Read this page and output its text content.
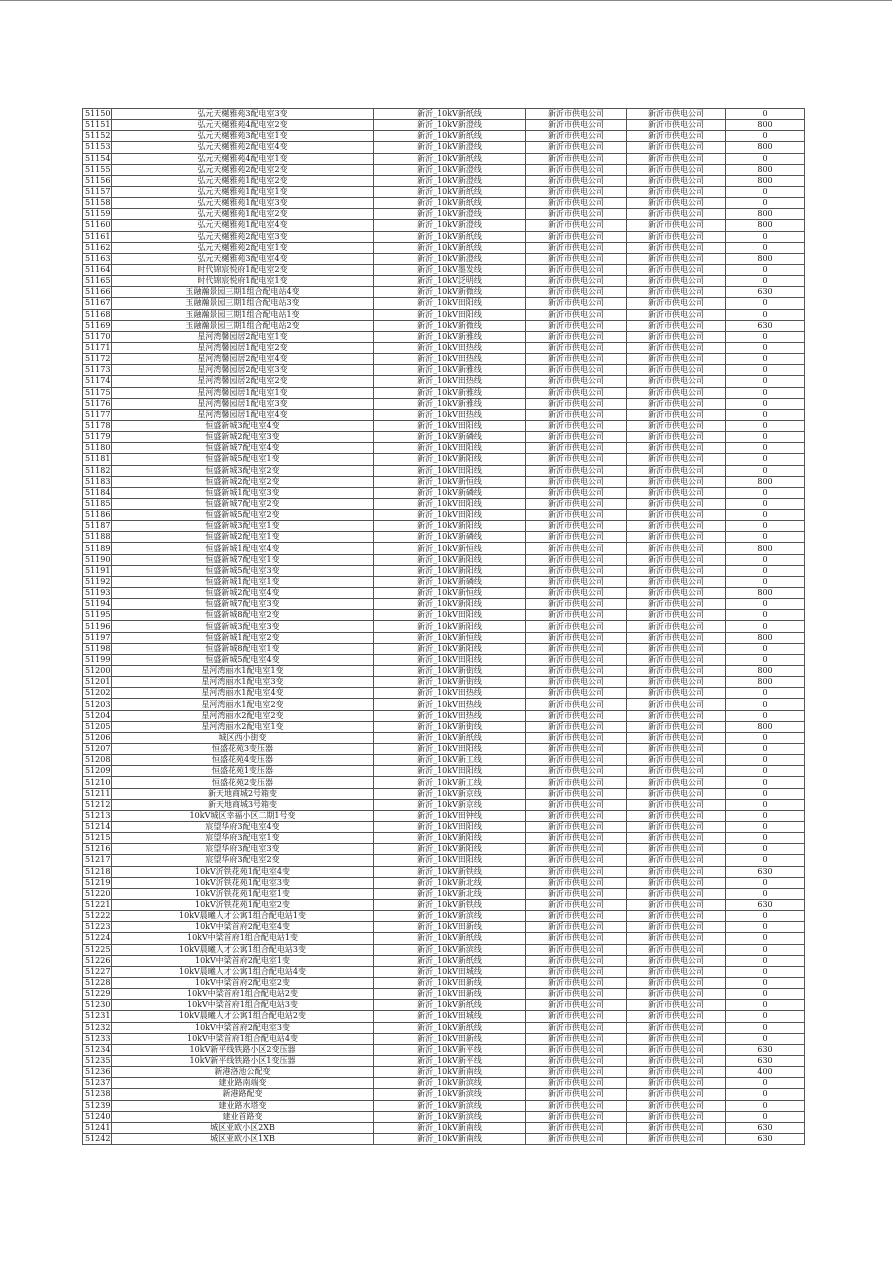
51150	弘元天樾雅苑3配电室3变	新沂_10kV新纸线	新沂市供电公司	新沂市供电公司	0
51151	弘元天樾雅苑4配电室2变	新沂_10kV新澄线	新沂市供电公司	新沂市供电公司	800
51152	弘元天樾雅苑3配电室1变	新沂_10kV新纸线	新沂市供电公司	新沂市供电公司	0
51153	弘元天樾雅苑2配电室4变	新沂_10kV新澄线	新沂市供电公司	新沂市供电公司	800
51154	弘元天樾雅苑4配电室1变	新沂_10kV新纸线	新沂市供电公司	新沂市供电公司	0
51155	弘元天樾雅苑2配电室2变	新沂_10kV新澄线	新沂市供电公司	新沂市供电公司	800
51156	弘元天樾雅苑1配电室2变	新沂_10kV新澄线	新沂市供电公司	新沂市供电公司	800
51157	弘元天樾雅苑1配电室1变	新沂_10kV新纸线	新沂市供电公司	新沂市供电公司	0
51158	弘元天樾雅苑1配电室3变	新沂_10kV新纸线	新沂市供电公司	新沂市供电公司	0
51159	弘元天樾雅苑1配电室2变	新沂_10kV新澄线	新沂市供电公司	新沂市供电公司	800
51160	弘元天樾雅苑1配电室4变	新沂_10kV新澄线	新沂市供电公司	新沂市供电公司	800
51161	弘元天樾雅苑2配电室3变	新沂_10kV新纸线	新沂市供电公司	新沂市供电公司	0
51162	弘元天樾雅苑2配电室1变	新沂_10kV新纸线	新沂市供电公司	新沂市供电公司	0
51163	弘元天樾雅苑3配电室4变	新沂_10kV新澄线	新沂市供电公司	新沂市供电公司	800
51164	时代锦宸悦府1配电室2变	新沂_10kV墨发线	新沂市供电公司	新沂市供电公司	0
51165	时代锦宸悦府1配电室1变	新沂_10kV泛明线	新沂市供电公司	新沂市供电公司	0
51166	玉融瀚景园三期1组合配电站4变	新沂_10kV新微线	新沂市供电公司	新沂市供电公司	630
51167	玉融瀚景园三期1组合配电站3变	新沂_10kV田阳线	新沂市供电公司	新沂市供电公司	0
51168	玉融瀚景园三期1组合配电站1变	新沂_10kV田阳线	新沂市供电公司	新沂市供电公司	0
51169	玉融瀚景园三期1组合配电站2变	新沂_10kV新微线	新沂市供电公司	新沂市供电公司	630
51170	星河湾馨园居2配电室1变	新沂_10kV新雅线	新沂市供电公司	新沂市供电公司	0
51171	星河湾馨园居1配电室2变	新沂_10kV田热线	新沂市供电公司	新沂市供电公司	0
51172	星河湾馨园居2配电室4变	新沂_10kV田热线	新沂市供电公司	新沂市供电公司	0
51173	星河湾馨园居2配电室3变	新沂_10kV新雅线	新沂市供电公司	新沂市供电公司	0
51174	星河湾馨园居2配电室2变	新沂_10kV田热线	新沂市供电公司	新沂市供电公司	0
51175	星河湾馨园居1配电室1变	新沂_10kV新雅线	新沂市供电公司	新沂市供电公司	0
51176	星河湾馨园居1配电室3变	新沂_10kV新雅线	新沂市供电公司	新沂市供电公司	0
51177	星河湾馨园居1配电室4变	新沂_10kV田热线	新沂市供电公司	新沂市供电公司	0
51178	恒盛新城3配电室4变	新沂_10kV田阳线	新沂市供电公司	新沂市供电公司	0
51179	恒盛新城2配电室3变	新沂_10kV新磷线	新沂市供电公司	新沂市供电公司	0
51180	恒盛新城7配电室4变	新沂_10kV田阳线	新沂市供电公司	新沂市供电公司	0
51181	恒盛新城5配电室1变	新沂_10kV新阳线	新沂市供电公司	新沂市供电公司	0
51182	恒盛新城3配电室2变	新沂_10kV田阳线	新沂市供电公司	新沂市供电公司	0
51183	恒盛新城2配电室2变	新沂_10kV新恒线	新沂市供电公司	新沂市供电公司	800
51184	恒盛新城1配电室3变	新沂_10kV新磷线	新沂市供电公司	新沂市供电公司	0
51185	恒盛新城7配电室2变	新沂_10kV田阳线	新沂市供电公司	新沂市供电公司	0
51186	恒盛新城5配电室2变	新沂_10kV田阳线	新沂市供电公司	新沂市供电公司	0
51187	恒盛新城3配电室1变	新沂_10kV新阳线	新沂市供电公司	新沂市供电公司	0
51188	恒盛新城2配电室1变	新沂_10kV新磷线	新沂市供电公司	新沂市供电公司	0
51189	恒盛新城1配电室4变	新沂_10kV新恒线	新沂市供电公司	新沂市供电公司	800
51190	恒盛新城7配电室1变	新沂_10kV新阳线	新沂市供电公司	新沂市供电公司	0
51191	恒盛新城5配电室3变	新沂_10kV新阳线	新沂市供电公司	新沂市供电公司	0
51192	恒盛新城1配电室1变	新沂_10kV新磷线	新沂市供电公司	新沂市供电公司	0
51193	恒盛新城2配电室4变	新沂_10kV新恒线	新沂市供电公司	新沂市供电公司	800
51194	恒盛新城7配电室3变	新沂_10kV新阳线	新沂市供电公司	新沂市供电公司	0
51195	恒盛新城8配电室2变	新沂_10kV田阳线	新沂市供电公司	新沂市供电公司	0
51196	恒盛新城3配电室3变	新沂_10kV新阳线	新沂市供电公司	新沂市供电公司	0
51197	恒盛新城1配电室2变	新沂_10kV新恒线	新沂市供电公司	新沂市供电公司	800
51198	恒盛新城8配电室1变	新沂_10kV新阳线	新沂市供电公司	新沂市供电公司	0
51199	恒盛新城5配电室4变	新沂_10kV田阳线	新沂市供电公司	新沂市供电公司	0
51200	星河湾丽水1配电室1变	新沂_10kV新街线	新沂市供电公司	新沂市供电公司	800
51201	星河湾丽水1配电室3变	新沂_10kV新街线	新沂市供电公司	新沂市供电公司	800
51202	星河湾丽水1配电室4变	新沂_10kV田热线	新沂市供电公司	新沂市供电公司	0
51203	星河湾丽水1配电室2变	新沂_10kV田热线	新沂市供电公司	新沂市供电公司	0
51204	星河湾丽水2配电室2变	新沂_10kV田热线	新沂市供电公司	新沂市供电公司	0
51205	星河湾丽水2配电室1变	新沂_10kV新街线	新沂市供电公司	新沂市供电公司	800
51206	城区西小街变	新沂_10kV新纸线	新沂市供电公司	新沂市供电公司	0
51207	恒盛花苑3变压器	新沂_10kV田阳线	新沂市供电公司	新沂市供电公司	0
51208	恒盛花苑4变压器	新沂_10kV新工线	新沂市供电公司	新沂市供电公司	0
51209	恒盛花苑1变压器	新沂_10kV田阳线	新沂市供电公司	新沂市供电公司	0
51210	恒盛花苑2变压器	新沂_10kV新工线	新沂市供电公司	新沂市供电公司	0
51211	新天地商城2号箱变	新沂_10kV新京线	新沂市供电公司	新沂市供电公司	0
51212	新天地商城3号箱变	新沂_10kV新京线	新沂市供电公司	新沂市供电公司	0
51213	10kV城区幸福小区二期1号变	新沂_10kV田钟线	新沂市供电公司	新沂市供电公司	0
51214	宸望华府3配电室4变	新沂_10kV田阳线	新沂市供电公司	新沂市供电公司	0
51215	宸望华府3配电室1变	新沂_10kV新阳线	新沂市供电公司	新沂市供电公司	0
51216	宸望华府3配电室3变	新沂_10kV新阳线	新沂市供电公司	新沂市供电公司	0
51217	宸望华府3配电室2变	新沂_10kV田阳线	新沂市供电公司	新沂市供电公司	0
51218	10kV沂铁花苑1配电室4变	新沂_10kV新铁线	新沂市供电公司	新沂市供电公司	630
51219	10kV沂铁花苑1配电室3变	新沂_10kV新北线	新沂市供电公司	新沂市供电公司	0
51220	10kV沂铁花苑1配电室1变	新沂_10kV新北线	新沂市供电公司	新沂市供电公司	0
51221	10kV沂铁花苑1配电室2变	新沂_10kV新铁线	新沂市供电公司	新沂市供电公司	630
51222	10kV晨曦人才公寓1组合配电站1变	新沂_10kV新滨线	新沂市供电公司	新沂市供电公司	0
51223	10kV中梁首府2配电室4变	新沂_10kV田新线	新沂市供电公司	新沂市供电公司	0
51224	10kV中梁首府1组合配电站1变	新沂_10kV新纸线	新沂市供电公司	新沂市供电公司	0
51225	10kV晨曦人才公寓1组合配电站3变	新沂_10kV新滨线	新沂市供电公司	新沂市供电公司	0
51226	10kV中梁首府2配电室1变	新沂_10kV新纸线	新沂市供电公司	新沂市供电公司	0
51227	10kV晨曦人才公寓1组合配电站4变	新沂_10kV田城线	新沂市供电公司	新沂市供电公司	0
51228	10kV中梁首府2配电室2变	新沂_10kV田新线	新沂市供电公司	新沂市供电公司	0
51229	10kV中梁首府1组合配电站2变	新沂_10kV田新线	新沂市供电公司	新沂市供电公司	0
51230	10kV中梁首府1组合配电站3变	新沂_10kV新纸线	新沂市供电公司	新沂市供电公司	0
51231	10kV晨曦人才公寓1组合配电站2变	新沂_10kV田城线	新沂市供电公司	新沂市供电公司	0
51232	10kV中梁首府2配电室3变	新沂_10kV新纸线	新沂市供电公司	新沂市供电公司	0
51233	10kV中梁首府1组合配电站4变	新沂_10kV田新线	新沂市供电公司	新沂市供电公司	0
51234	10kV新平线铁路小区2变压器	新沂_10kV新平线	新沂市供电公司	新沂市供电公司	630
51235	10kV新平线铁路小区1变压器	新沂_10kV新平线	新沂市供电公司	新沂市供电公司	630
51236	新港洛池公配变	新沂_10kV新南线	新沂市供电公司	新沂市供电公司	400
51237	建业路南端变	新沂_10kV新滨线	新沂市供电公司	新沂市供电公司	0
51238	新港路配变	新沂_10kV新滨线	新沂市供电公司	新沂市供电公司	0
51239	建业路水塔变	新沂_10kV新滨线	新沂市供电公司	新沂市供电公司	0
51240	建业首路变	新沂_10kV新滨线	新沂市供电公司	新沂市供电公司	0
51241	城区亚欧小区2XB	新沂_10kV新南线	新沂市供电公司	新沂市供电公司	630
51242	城区亚欧小区1XB	新沂_10kV新南线	新沂市供电公司	新沂市供电公司	630
